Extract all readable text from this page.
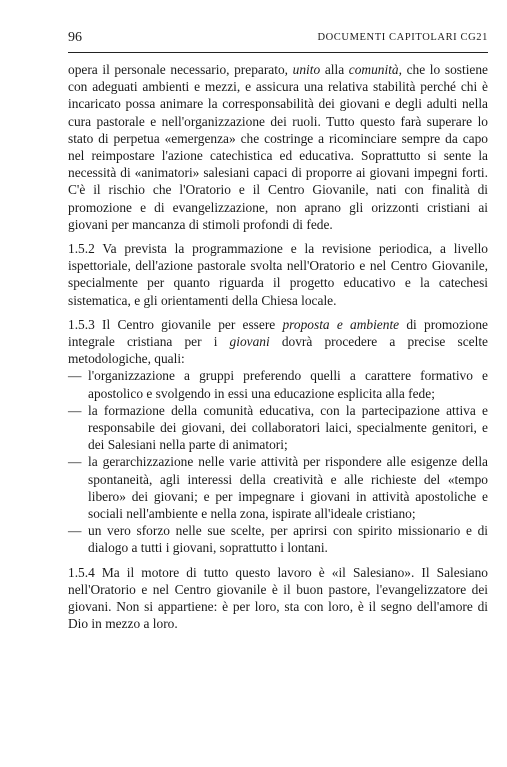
96	DOCUMENTI CAPITOLARI CG21

opera il personale necessario, preparato, unito alla comunità, che lo sostiene con adeguati ambienti e mezzi, e assicura una relativa stabilità perché chi è incaricato possa animare la corresponsabilità dei giovani e degli adulti nella cura pastorale e nell'organizzazione dei ruoli. Tutto questo farà superare lo stato di perpetua «emergenza» che costringe a ricominciare sempre da capo nel reimpostare l'azione catechistica ed educativa. Soprattutto si sente la necessità di «animatori» salesiani capaci di proporre ai giovani impegni forti. C'è il rischio che l'Oratorio e il Centro Giovanile, nati con finalità di promozione e di evangelizzazione, non aprano gli orizzonti cristiani ai giovani per mancanza di stimoli profondi di fede.

1.5.2 Va prevista la programmazione e la revisione periodica, a livello ispettoriale, dell'azione pastorale svolta nell'Oratorio e nel Centro Giovanile, specialmente per quanto riguarda il progetto educativo e la catechesi sistematica, e gli orientamenti della Chiesa locale.

1.5.3 Il Centro giovanile per essere proposta e ambiente di promozione integrale cristiana per i giovani dovrà procedere a precise scelte metodologiche, quali:

— l'organizzazione a gruppi preferendo quelli a carattere formativo e apostolico e svolgendo in essi una educazione esplicita alla fede;
— la formazione della comunità educativa, con la partecipazione attiva e responsabile dei giovani, dei collaboratori laici, specialmente genitori, e dei Salesiani nella parte di animatori;
— la gerarchizzazione nelle varie attività per rispondere alle esigenze della spontaneità, agli interessi della creatività e alle richieste del «tempo libero» dei giovani; e per impegnare i giovani in attività apostoliche e sociali nell'ambiente e nella zona, ispirate all'ideale cristiano;
— un vero sforzo nelle sue scelte, per aprirsi con spirito missionario e di dialogo a tutti i giovani, soprattutto i lontani.

1.5.4 Ma il motore di tutto questo lavoro è «il Salesiano». Il Salesiano nell'Oratorio e nel Centro giovanile è il buon pastore, l'evangelizzatore dei giovani. Non si appartiene: è per loro, sta con loro, è il segno dell'amore di Dio in mezzo a loro.
